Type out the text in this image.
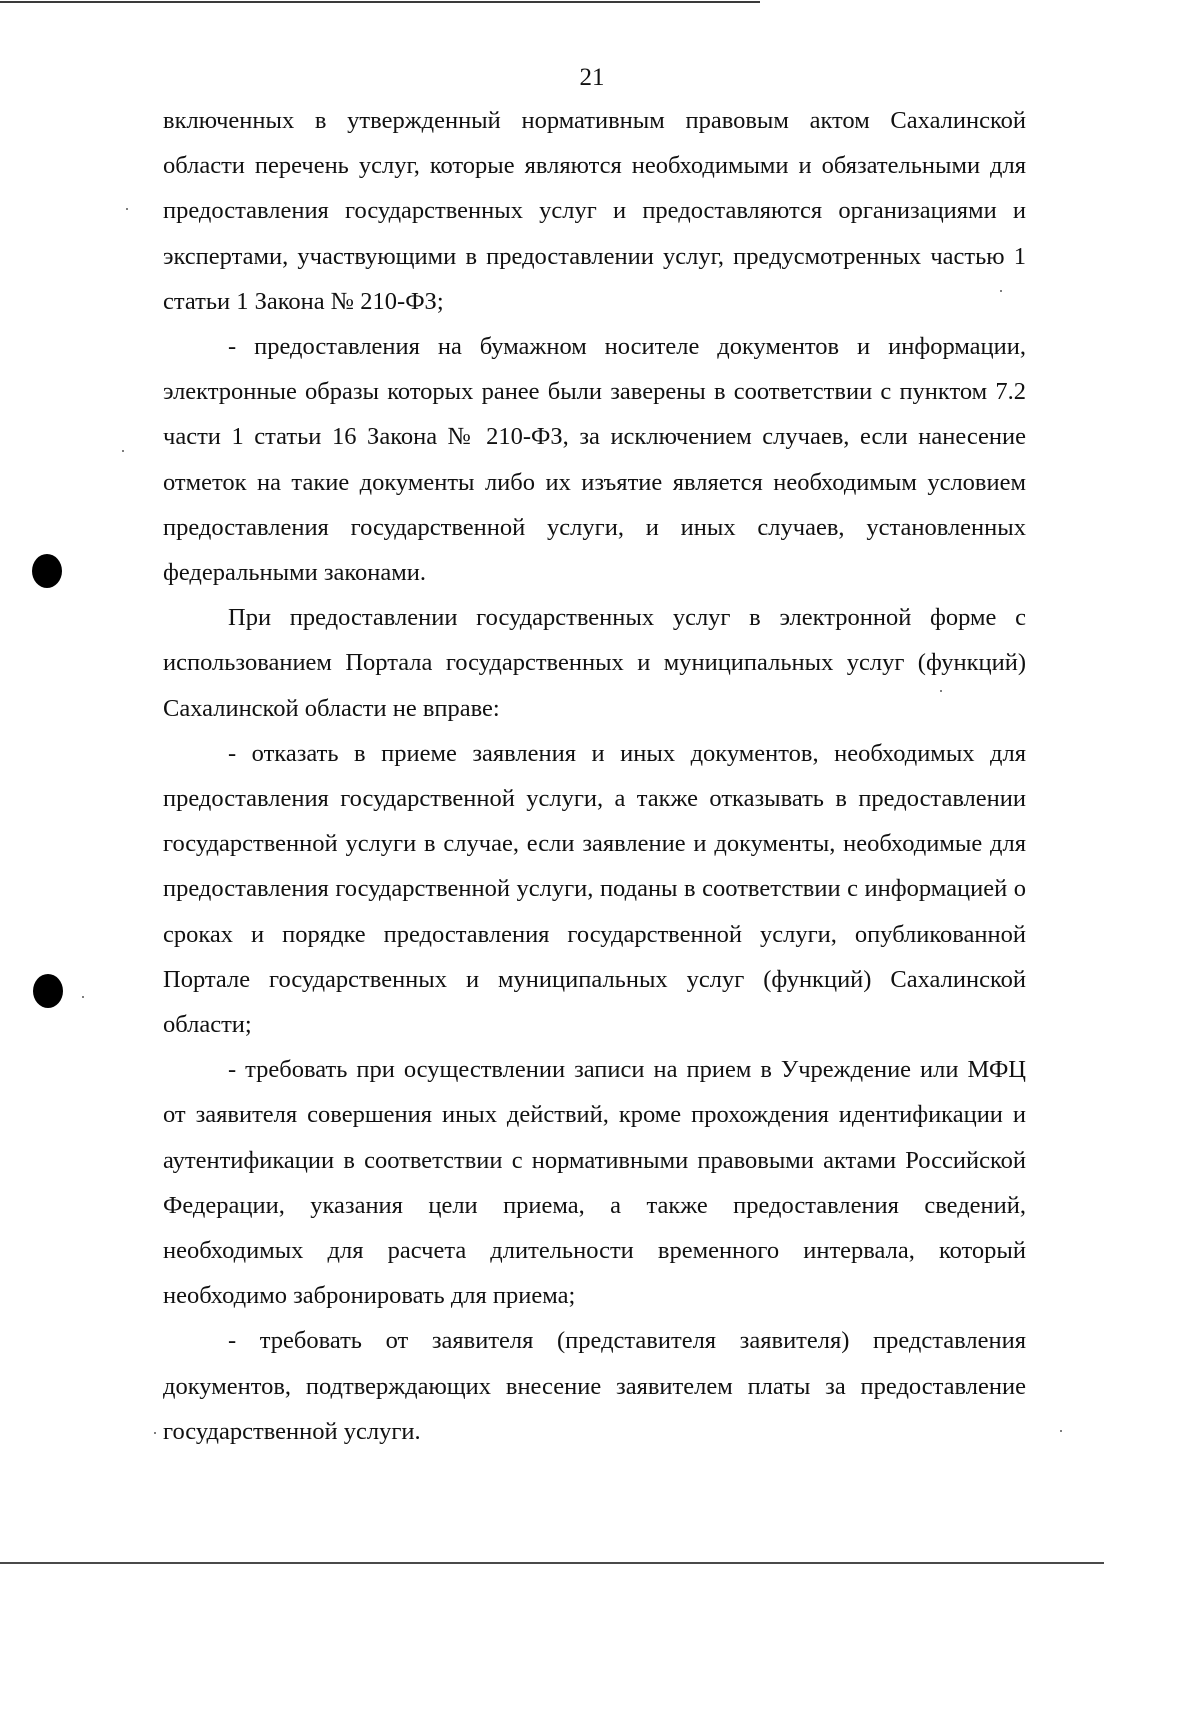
21

включенных в утвержденный нормативным правовым актом Сахалинской области перечень услуг, которые являются необходимыми и обязательными для предоставления государственных услуг и предоставляются организациями и экспертами, участвующими в предоставлении услуг, предусмотренных частью 1 статьи 1 Закона № 210-ФЗ;

- предоставления на бумажном носителе документов и информации, электронные образы которых ранее были заверены в соответствии с пунктом 7.2 части 1 статьи 16 Закона № 210-ФЗ, за исключением случаев, если нанесение отметок на такие документы либо их изъятие является необходимым условием предоставления государственной услуги, и иных случаев, установленных федеральными законами.

При предоставлении государственных услуг в электронной форме с использованием Портала государственных и муниципальных услуг (функций) Сахалинской области не вправе:

- отказать в приеме заявления и иных документов, необходимых для предоставления государственной услуги, а также отказывать в предоставлении государственной услуги в случае, если заявление и документы, необходимые для предоставления государственной услуги, поданы в соответствии с информацией о сроках и порядке предоставления государственной услуги, опубликованной Портале государственных и муниципальных услуг (функций) Сахалинской области;

- требовать при осуществлении записи на прием в Учреждение или МФЦ от заявителя совершения иных действий, кроме прохождения идентификации и аутентификации в соответствии с нормативными правовыми актами Российской Федерации, указания цели приема, а также предоставления сведений, необходимых для расчета длительности временного интервала, который необходимо забронировать для приема;

- требовать от заявителя (представителя заявителя) представления документов, подтверждающих внесение заявителем платы за предоставление государственной услуги.
